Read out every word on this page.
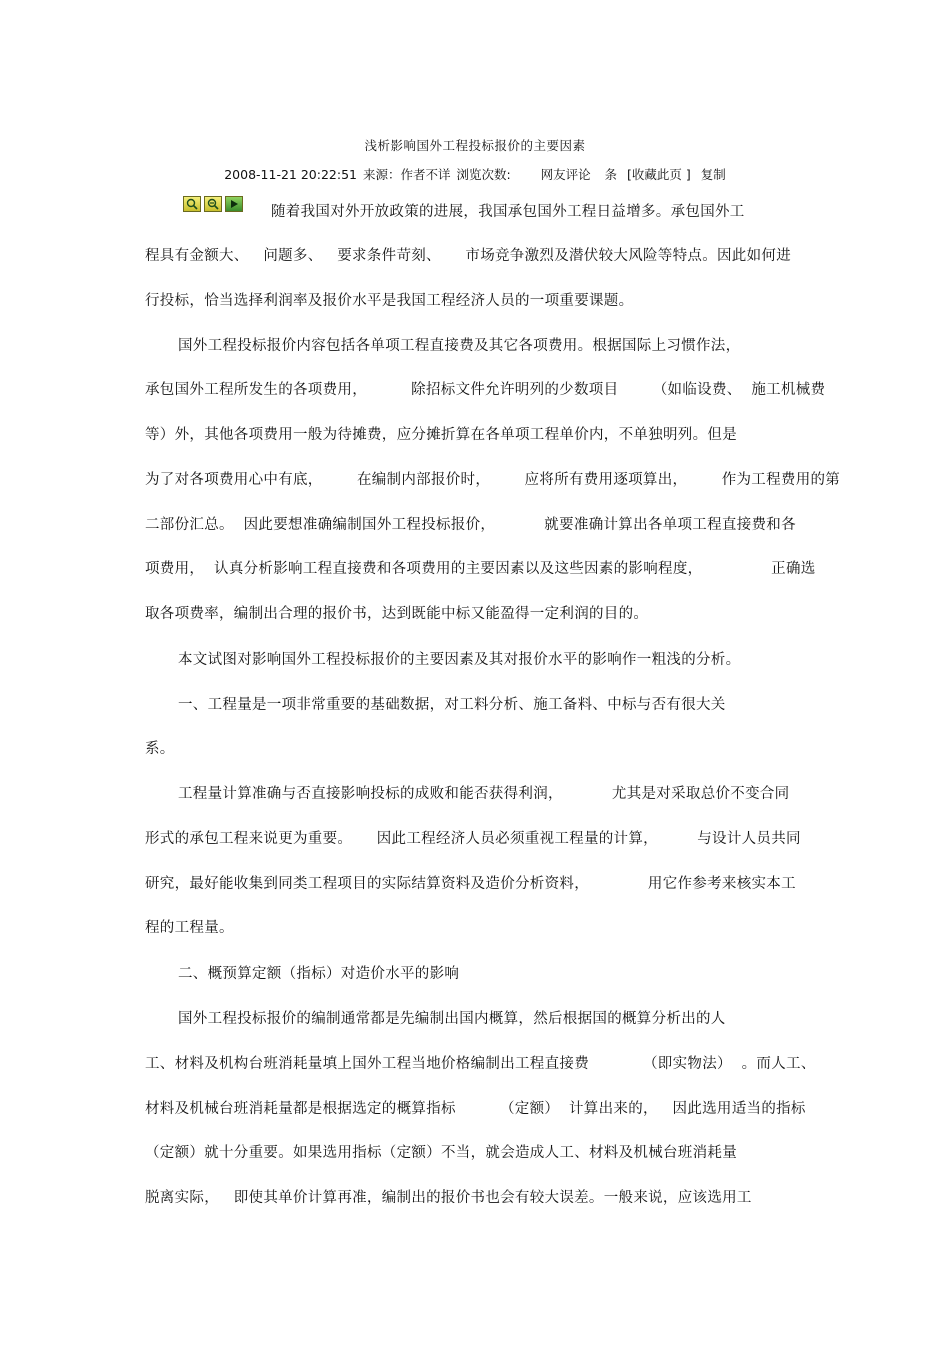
浅析影响国外工程投标报价的主要因素
2008-11-21 20:22:51 来源：作者不详 浏览次数: 网友评论 条 [收藏此页 ] 复制
随着我国对外开放政策的进展，我国承包国外工程日益增多。承包国外工
程具有金额大、   问题多、   要求条件苛刻、     市场竞争激烈及潜伏较大风险等特点。因此如何进
行投标，恰当选择利润率及报价水平是我国工程经济人员的一项重要课题。
国外工程投标报价内容包括各单项工程直接费及其它各项费用。根据国际上习惯作法，
承包国外工程所发生的各项费用，         除招标文件允许明列的少数项目       （如临设费、  施工机械费
等）外，其他各项费用一般为待摊费，应分摊折算在各单项工程单价内，不单独明列。但是
为了对各项费用心中有底，       在编制内部报价时，       应将所有费用逐项算出，       作为工程费用的第
二部份汇总。  因此要想准确编制国外工程投标报价，          就要准确计算出各单项工程直接费和各
项费用，  认真分析影响工程直接费和各项费用的主要因素以及这些因素的影响程度，              正确选
取各项费率，编制出合理的报价书，达到既能中标又能盈得一定利润的目的。
本文试图对影响国外工程投标报价的主要因素及其对报价水平的影响作一粗浅的分析。
一、工程量是一项非常重要的基础数据，对工料分析、施工备料、中标与否有很大关
系。
工程量计算准确与否直接影响投标的成败和能否获得利润，          尤其是对采取总价不变合同
形式的承包工程来说更为重要。     因此工程经济人员必须重视工程量的计算，        与设计人员共同
研究，最好能收集到同类工程项目的实际结算资料及造价分析资料，            用它作参考来核实本工
程的工程量。
二、概预算定额（指标）对造价水平的影响
国外工程投标报价的编制通常都是先编制出国内概算，然后根据国的概算分析出的人
工、材料及机构台班消耗量填上国外工程当地价格编制出工程直接费           （即实物法）  。而人工、
材料及机械台班消耗量都是根据选定的概算指标         （定额）  计算出来的，   因此选用适当的指标
（定额）就十分重要。如果选用指标（定额）不当，就会造成人工、材料及机械台班消耗量
脱离实际，   即使其单价计算再准，编制出的报价书也会有较大误差。一般来说，应该选用工
